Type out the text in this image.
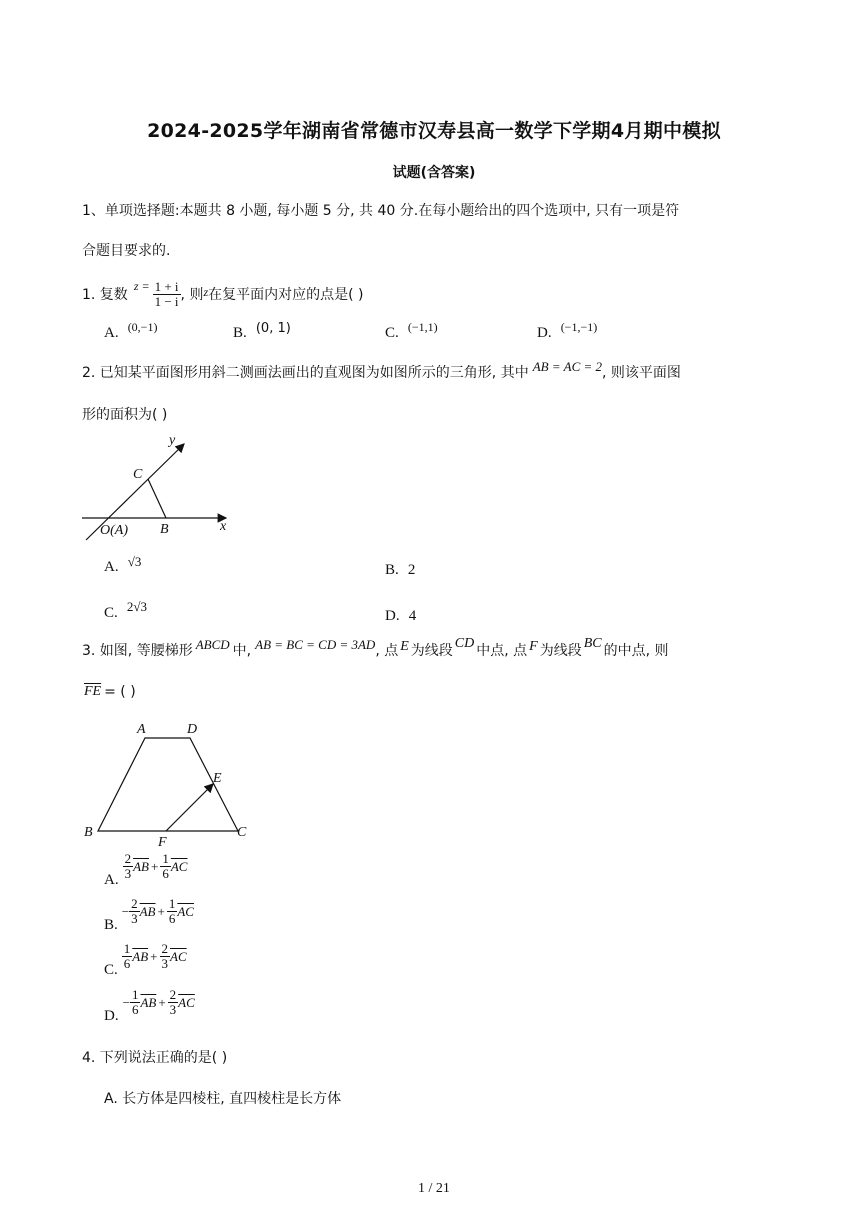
2024-2025学年湖南省常德市汉寿县高一数学下学期4月期中模拟
试题(含答案)
1、单项选择题:本题共 8 小题, 每小题 5 分, 共 40 分.在每小题给出的四个选项中, 只有一项是符
合题目要求的.
1. 复数
$z = \frac{1 + i}{1 - i}$ , 则 z 在复平面内对应的点是( )
A. $^{(0,-1)}$	B. $^{(0, 1)}$	C. $^{(-1,1)}$	D. $^{(-1,-1)}$
2. 已知某平面图形用斜二测画法画出的直观图为如图所示的三角形, 其中 AB = AC = 2 , 则该平面图
形的面积为( )
y
x
C
O(A) B
A. $^{√3}$
B. 2
C. $^{2√3}$
D. 4
3. 如图, 等腰梯形 ABCD 中, AB = BC = CD = 3AD , 点 E 为线段 CD 中点, 点 F 为线段 BC 的中点, 则
$\overline{FE}$ = ( )
A	D
E
B
F
C
A. $\frac{2}{3} \overline{AB} + \frac{1}{6} \overline{AC}$
B.
− $\frac{2}{3} \overline{AB} + \frac{1}{6} \overline{AC}$
C. $\frac{1}{6} \overline{AB} + \frac{2}{3} \overline{AC}$
D.
− $\frac{1}{6} \overline{AB} + \frac{2}{3} \overline{AC}$
4. 下列说法正确的是( )
A. 长方体是四棱柱, 直四棱柱是长方体
1 / 21
